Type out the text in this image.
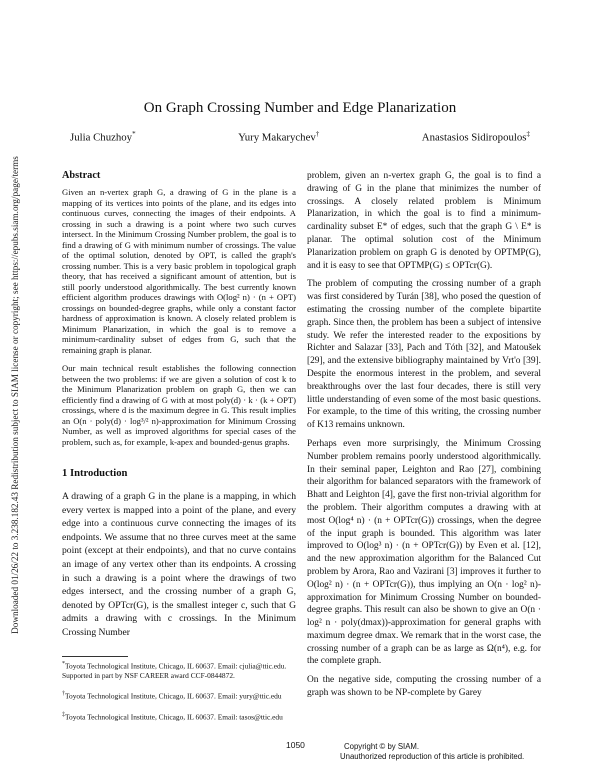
Downloaded 01/26/22 to 3.238.182.43 Redistribution subject to SIAM license or copyright; see https://epubs.siam.org/page/terms
On Graph Crossing Number and Edge Planarization
Julia Chuzhoy*	Yury Makarychev†	Anastasios Sidiropoulos‡
Abstract

Given an n-vertex graph G, a drawing of G in the plane is a mapping of its vertices into points of the plane, and its edges into continuous curves, connecting the images of their endpoints. A crossing in such a drawing is a point where two such curves intersect. In the Minimum Crossing Number problem, the goal is to find a drawing of G with minimum number of crossings. The value of the optimal solution, denoted by OPT, is called the graph's crossing number. This is a very basic problem in topological graph theory, that has received a significant amount of attention, but is still poorly understood algorithmically. The best currently known efficient algorithm produces drawings with O(log² n) · (n + OPT) crossings on bounded-degree graphs, while only a constant factor hardness of approximation is known. A closely related problem is Minimum Planarization, in which the goal is to remove a minimum-cardinality subset of edges from G, such that the remaining graph is planar.

Our main technical result establishes the following connection between the two problems: if we are given a solution of cost k to the Minimum Planarization problem on graph G, then we can efficiently find a drawing of G with at most poly(d) · k · (k + OPT) crossings, where d is the maximum degree in G. This result implies an O(n · poly(d) · log³/² n)-approximation for Minimum Crossing Number, as well as improved algorithms for special cases of the problem, such as, for example, k-apex and bounded-genus graphs.

1 Introduction

A drawing of a graph G in the plane is a mapping, in which every vertex is mapped into a point of the plane, and every edge into a continuous curve connecting the images of its endpoints. We assume that no three curves meet at the same point (except at their endpoints), and that no curve contains an image of any vertex other than its endpoints. A crossing in such a drawing is a point where the drawings of two edges intersect, and the crossing number of a graph G, denoted by OPTcr(G), is the smallest integer c, such that G admits a drawing with c crossings. In the Minimum Crossing Number

*Toyota Technological Institute, Chicago, IL 60637. Email: cjulia@ttic.edu. Supported in part by NSF CAREER award CCF-0844872.
†Toyota Technological Institute, Chicago, IL 60637. Email: yury@ttic.edu
‡Toyota Technological Institute, Chicago, IL 60637. Email: tasos@ttic.edu

problem, given an n-vertex graph G, the goal is to find a drawing of G in the plane that minimizes the number of crossings. A closely related problem is Minimum Planarization, in which the goal is to find a minimum-cardinality subset E* of edges, such that the graph G \ E* is planar. The optimal solution cost of the Minimum Planarization problem on graph G is denoted by OPTMP(G), and it is easy to see that OPTMP(G) ≤ OPTcr(G).

The problem of computing the crossing number of a graph was first considered by Turán [38], who posed the question of estimating the crossing number of the complete bipartite graph. Since then, the problem has been a subject of intensive study. We refer the interested reader to the expositions by Richter and Salazar [33], Pach and Tóth [32], and Matoušek [29], and the extensive bibliography maintained by Vrt'o [39]. Despite the enormous interest in the problem, and several breakthroughs over the last four decades, there is still very little understanding of even some of the most basic questions. For example, to the time of this writing, the crossing number of K13 remains unknown.

Perhaps even more surprisingly, the Minimum Crossing Number problem remains poorly understood algorithmically. In their seminal paper, Leighton and Rao [27], combining their algorithm for balanced separators with the framework of Bhatt and Leighton [4], gave the first non-trivial algorithm for the problem. Their algorithm computes a drawing with at most O(log⁴ n) · (n + OPTcr(G)) crossings, when the degree of the input graph is bounded. This algorithm was later improved to O(log³ n) · (n + OPTcr(G)) by Even et al. [12], and the new approximation algorithm for the Balanced Cut problem by Arora, Rao and Vazirani [3] improves it further to O(log² n) · (n + OPTcr(G)), thus implying an O(n · log² n)-approximation for Minimum Crossing Number on bounded-degree graphs. This result can also be shown to give an O(n · log² n · poly(dmax))-approximation for general graphs with maximum degree dmax. We remark that in the worst case, the crossing number of a graph can be as large as Ω(n⁴), e.g. for the complete graph.

On the negative side, computing the crossing number of a graph was shown to be NP-complete by Garey

1050	Copyright © by SIAM.
Unauthorized reproduction of this article is prohibited.
